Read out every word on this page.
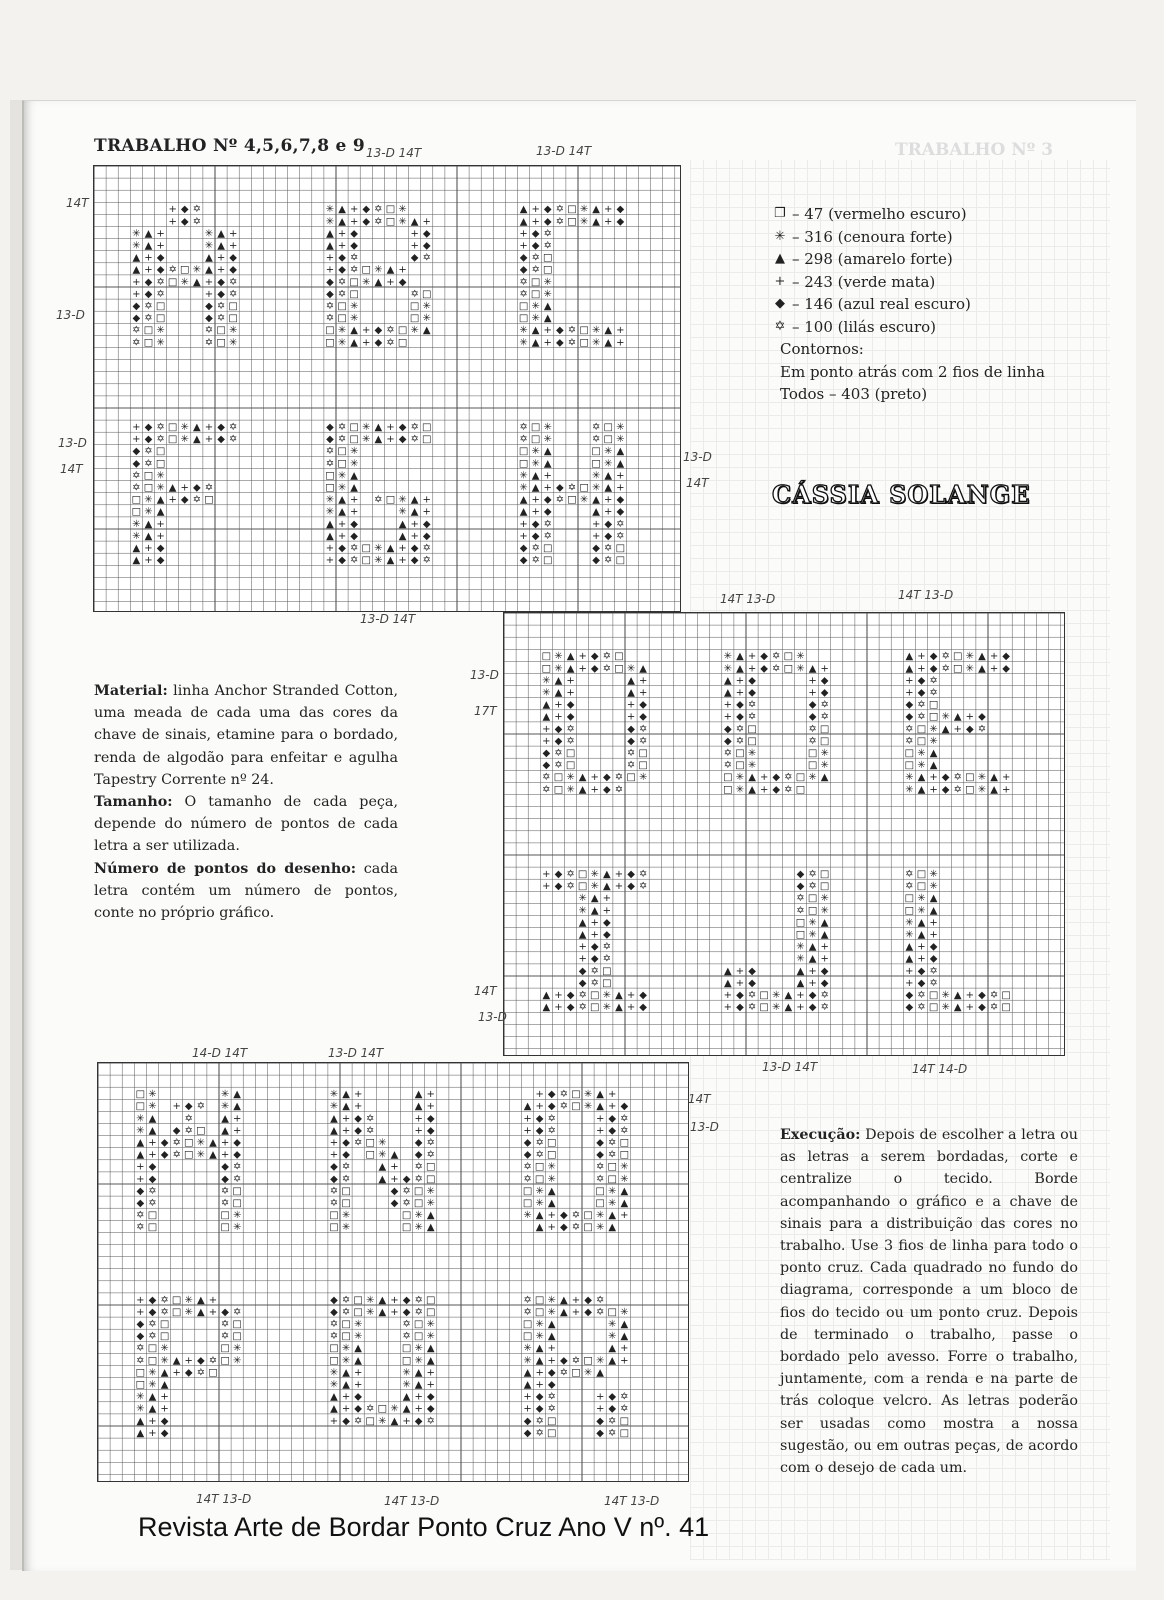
TRABALHO Nº 3
TRABALHO Nº 4,5,6,7,8 e 9
+ ◆ ✡
+ ◆ ✡
✳ ▲ +	✳ ▲ +
✳ ▲ +	✳ ▲ +
▲ + ◆	▲ + ◆
▲ + ◆ ✡ □ ✳ ▲ + ◆
+ ◆ ✡ □ ✳ ▲ + ◆ ✡
+ ◆ ✡	+ ◆ ✡
◆ ✡ □	◆ ✡ □
◆ ✡ □	◆ ✡ □
✡ □ ✳	✡ □ ✳
✡ □ ✳	✡ □ ✳
✳ ▲ + ◆ ✡ □ ✳
✳ ▲ + ◆ ✡ □ ✳ ▲ +
▲ + ◆	+ ◆
▲ + ◆	+ ◆
+ ◆ ✡	◆ ✡
+ ◆ ✡ □ ✳ ▲ +
◆ ✡ □ ✳ ▲ + ◆
◆ ✡ □	✡ □
✡ □ ✳	□ ✳
✡ □ ✳	□ ✳
□ ✳ ▲ + ◆ ✡ □ ✳ ▲
□ ✳ ▲ + ◆ ✡ □
▲ + ◆ ✡ □ ✳ ▲ + ◆
▲ + ◆ ✡ □ ✳ ▲ + ◆
+ ◆ ✡
+ ◆ ✡
◆ ✡ □
◆ ✡ □
✡ □ ✳
✡ □ ✳
□ ✳ ▲
□ ✳ ▲
✳ ▲ + ◆ ✡ □ ✳ ▲ +
✳ ▲ + ◆ ✡ □ ✳ ▲ +
+ ◆ ✡ □ ✳ ▲ + ◆ ✡
+ ◆ ✡ □ ✳ ▲ + ◆ ✡
◆ ✡ □
◆ ✡ □
✡ □ ✳
✡ □ ✳ ▲ + ◆ ✡
□ ✳ ▲ + ◆ ✡ □
□ ✳ ▲
✳ ▲ +
✳ ▲ +
▲ + ◆
▲ + ◆
◆ ✡ □ ✳ ▲ + ◆ ✡ □
◆ ✡ □ ✳ ▲ + ◆ ✡ □
✡ □ ✳
✡ □ ✳
□ ✳ ▲
□ ✳ ▲
✳ ▲ + ✡ □ ✳ ▲ +
✳ ▲ +	✳ ▲ +
▲ + ◆	▲ + ◆
▲ + ◆	▲ + ◆
+ ◆ ✡ □ ✳ ▲ + ◆ ✡
+ ◆ ✡ □ ✳ ▲ + ◆ ✡
✡ □ ✳	✡ □ ✳
✡ □ ✳	✡ □ ✳
□ ✳ ▲	□ ✳ ▲
□ ✳ ▲	□ ✳ ▲
✳ ▲ +	✳ ▲ +
✳ ▲ + ◆ ✡ □ ✳ ▲ +
▲ + ◆ ✡ □ ✳ ▲ + ◆
▲ + ◆	▲ + ◆
+ ◆ ✡	+ ◆ ✡
+ ◆ ✡	+ ◆ ✡
◆ ✡ □	◆ ✡ □
◆ ✡ □	◆ ✡ □
□ ✳ ▲ + ◆ ✡ □
□ ✳ ▲ + ◆ ✡ □ ✳ ▲
✳ ▲ +	▲ +
✳ ▲ +	▲ +
▲ + ◆	+ ◆
▲ + ◆	+ ◆
+ ◆ ✡	◆ ✡
+ ◆ ✡	◆ ✡
◆ ✡ □	✡ □
◆ ✡ □	✡ □
✡ □ ✳ ▲ + ◆ ✡ □ ✳
✡ □ ✳ ▲ + ◆ ✡
✳ ▲ + ◆ ✡ □ ✳
✳ ▲ + ◆ ✡ □ ✳ ▲ +
▲ + ◆	+ ◆
▲ + ◆	+ ◆
+ ◆ ✡	◆ ✡
+ ◆ ✡	◆ ✡
◆ ✡ □	✡ □
◆ ✡ □	✡ □
✡ □ ✳	□ ✳
✡ □ ✳	□ ✳
□ ✳ ▲ + ◆ ✡ □ ✳ ▲
□ ✳ ▲ + ◆ ✡ □
▲ + ◆ ✡ □ ✳ ▲ + ◆
▲ + ◆ ✡ □ ✳ ▲ + ◆
+ ◆ ✡
+ ◆ ✡
◆ ✡ □
◆ ✡ □ ✳ ▲ + ◆
✡ □ ✳ ▲ + ◆ ✡
✡ □ ✳
□ ✳ ▲
□ ✳ ▲
✳ ▲ + ◆ ✡ □ ✳ ▲ +
✳ ▲ + ◆ ✡ □ ✳ ▲ +
+ ◆ ✡ □ ✳ ▲ + ◆ ✡
+ ◆ ✡ □ ✳ ▲ + ◆ ✡
✳ ▲ +
✳ ▲ +
▲ + ◆
▲ + ◆
+ ◆ ✡
+ ◆ ✡
◆ ✡ □
◆ ✡ □
▲ + ◆ ✡ □ ✳ ▲ + ◆
▲ + ◆ ✡ □ ✳ ▲ + ◆
◆ ✡ □
◆ ✡ □
✡ □ ✳
✡ □ ✳
□ ✳ ▲
□ ✳ ▲
✳ ▲ +
✳ ▲ +
▲ + ◆	▲ + ◆
▲ + ◆	▲ + ◆
+ ◆ ✡ □ ✳ ▲ + ◆ ✡
+ ◆ ✡ □ ✳ ▲ + ◆ ✡
✡ □ ✳
✡ □ ✳
□ ✳ ▲
□ ✳ ▲
✳ ▲ +
✳ ▲ +
▲ + ◆
▲ + ◆
+ ◆ ✡
+ ◆ ✡
◆ ✡ □ ✳ ▲ + ◆ ✡ □
◆ ✡ □ ✳ ▲ + ◆ ✡ □
□ ✳	✳ ▲
□ ✳ + ◆ ✡ ✳ ▲
✳ ▲	✡	▲ +
✳ ▲ ◆ ✡ □ ▲ +
▲ + ◆ ✡ □ ✳ ▲ + ◆
▲ + ◆ ✡ □ ✳ ▲ + ◆
+ ◆	◆ ✡
+ ◆	◆ ✡
◆ ✡	✡ □
◆ ✡	✡ □
✡ □	□ ✳
✡ □	□ ✳
✳ ▲ +	▲ +
✳ ▲ +	▲ +
▲ + ◆ ✡	+ ◆
▲ + ◆ ✡	+ ◆
+ ◆ ✡ □ ✳	◆ ✡
+ ◆ □ ✳ ▲ ◆ ✡
◆ ✡	▲ + ✡ □
◆ ✡	▲ + ◆ ✡ □
✡ □	◆ ✡ □ ✳
✡ □	◆ ✡ □ ✳
□ ✳	□ ✳ ▲
□ ✳	□ ✳ ▲
+ ◆ ✡ □ ✳ ▲ +
▲ + ◆ ✡ □ ✳ ▲ + ◆
+ ◆ ✡	+ ◆ ✡
+ ◆ ✡	+ ◆ ✡
◆ ✡ □	◆ ✡ □
◆ ✡ □	◆ ✡ □
✡ □ ✳	✡ □ ✳
✡ □ ✳	✡ □ ✳
□ ✳ ▲	□ ✳ ▲
□ ✳ ▲	□ ✳ ▲
✳ ▲ + ◆ ✡ □ ✳ ▲ +
▲ + ◆ ✡ □ ✳ ▲
+ ◆ ✡ □ ✳ ▲ +
+ ◆ ✡ □ ✳ ▲ + ◆ ✡
◆ ✡ □	✡ □
◆ ✡ □	✡ □
✡ □ ✳	□ ✳
✡ □ ✳ ▲ + ◆ ✡ □ ✳
□ ✳ ▲ + ◆ ✡ □
□ ✳ ▲
✳ ▲ +
✳ ▲ +
▲ + ◆
▲ + ◆
◆ ✡ □ ✳ ▲ + ◆ ✡ □
◆ ✡ □ ✳ ▲ + ◆ ✡ □
✡ □ ✳	✡ □ ✳
✡ □ ✳	✡ □ ✳
□ ✳ ▲	□ ✳ ▲
□ ✳ ▲	□ ✳ ▲
✳ ▲ +	✳ ▲ +
✳ ▲ +	✳ ▲ +
▲ + ◆	▲ + ◆
▲ + ◆ ✡ □ ✳ ▲ + ◆
+ ◆ ✡ □ ✳ ▲ + ◆ ✡
✡ □ ✳ ▲ + ◆ ✡
✡ □ ✳ ▲ + ◆ ✡ □ ✳
□ ✳ ▲	✳ ▲
□ ✳ ▲	✳ ▲
✳ ▲ +	▲ +
✳ ▲ + ◆ ✡ □ ✳ ▲ +
▲ + ◆ ✡ □ ✳ ▲
▲ + ◆
+ ◆ ✡	+ ◆ ✡
+ ◆ ✡	+ ◆ ✡
◆ ✡ □	◆ ✡ □
◆ ✡ □	◆ ✡ □
❐ – 47 (vermelho escuro)
✳ – 316 (cenoura forte)
▲ – 298 (amarelo forte)
+ – 243 (verde mata)
◆ – 146 (azul real escuro)
✡ – 100 (lilás escuro)
Contornos:
Em ponto atrás com 2 fios de linha
Todos – 403 (preto)
CÁSSIA SOLANGE
Material: linha Anchor Stranded Cotton, uma meada de cada uma das cores da chave de sinais, etamine para o bordado, renda de algodão para enfeitar e agulha Tapestry Corrente nº 24.
Tamanho: O tamanho de cada peça, depende do número de pontos de cada letra a ser utilizada.
Número de pontos do desenho: cada letra contém um número de pontos, conte no próprio gráfico.
Execução: Depois de escolher a letra ou as letras a serem bordadas, corte e centralize o tecido. Borde acompanhando o gráfico e a chave de sinais para a distribuição das cores no trabalho. Use 3 fios de linha para todo o ponto cruz. Cada quadrado no fundo do diagrama, corresponde a um bloco de fios do tecido ou um ponto cruz. Depois de terminado o trabalho, passe o bordado pelo avesso. Forre o trabalho, juntamente, com a renda e na parte de trás coloque velcro. As letras poderão ser usadas como mostra a nossa sugestão, ou em outras peças, de acordo com o desejo de cada um.
13-D 14T	13-D 14T
14T
13-D
13-D
14T
13-D
14T
13-D 14T
14T 13-D	14T 13-D
13-D
17T
14T
13-D
13-D 14T	14T 14-D
14-D 14T	13-D 14T
14T
13-D
14T 13-D	14T 13-D	14T 13-D
Revista Arte de Bordar Ponto Cruz Ano V nº. 41
